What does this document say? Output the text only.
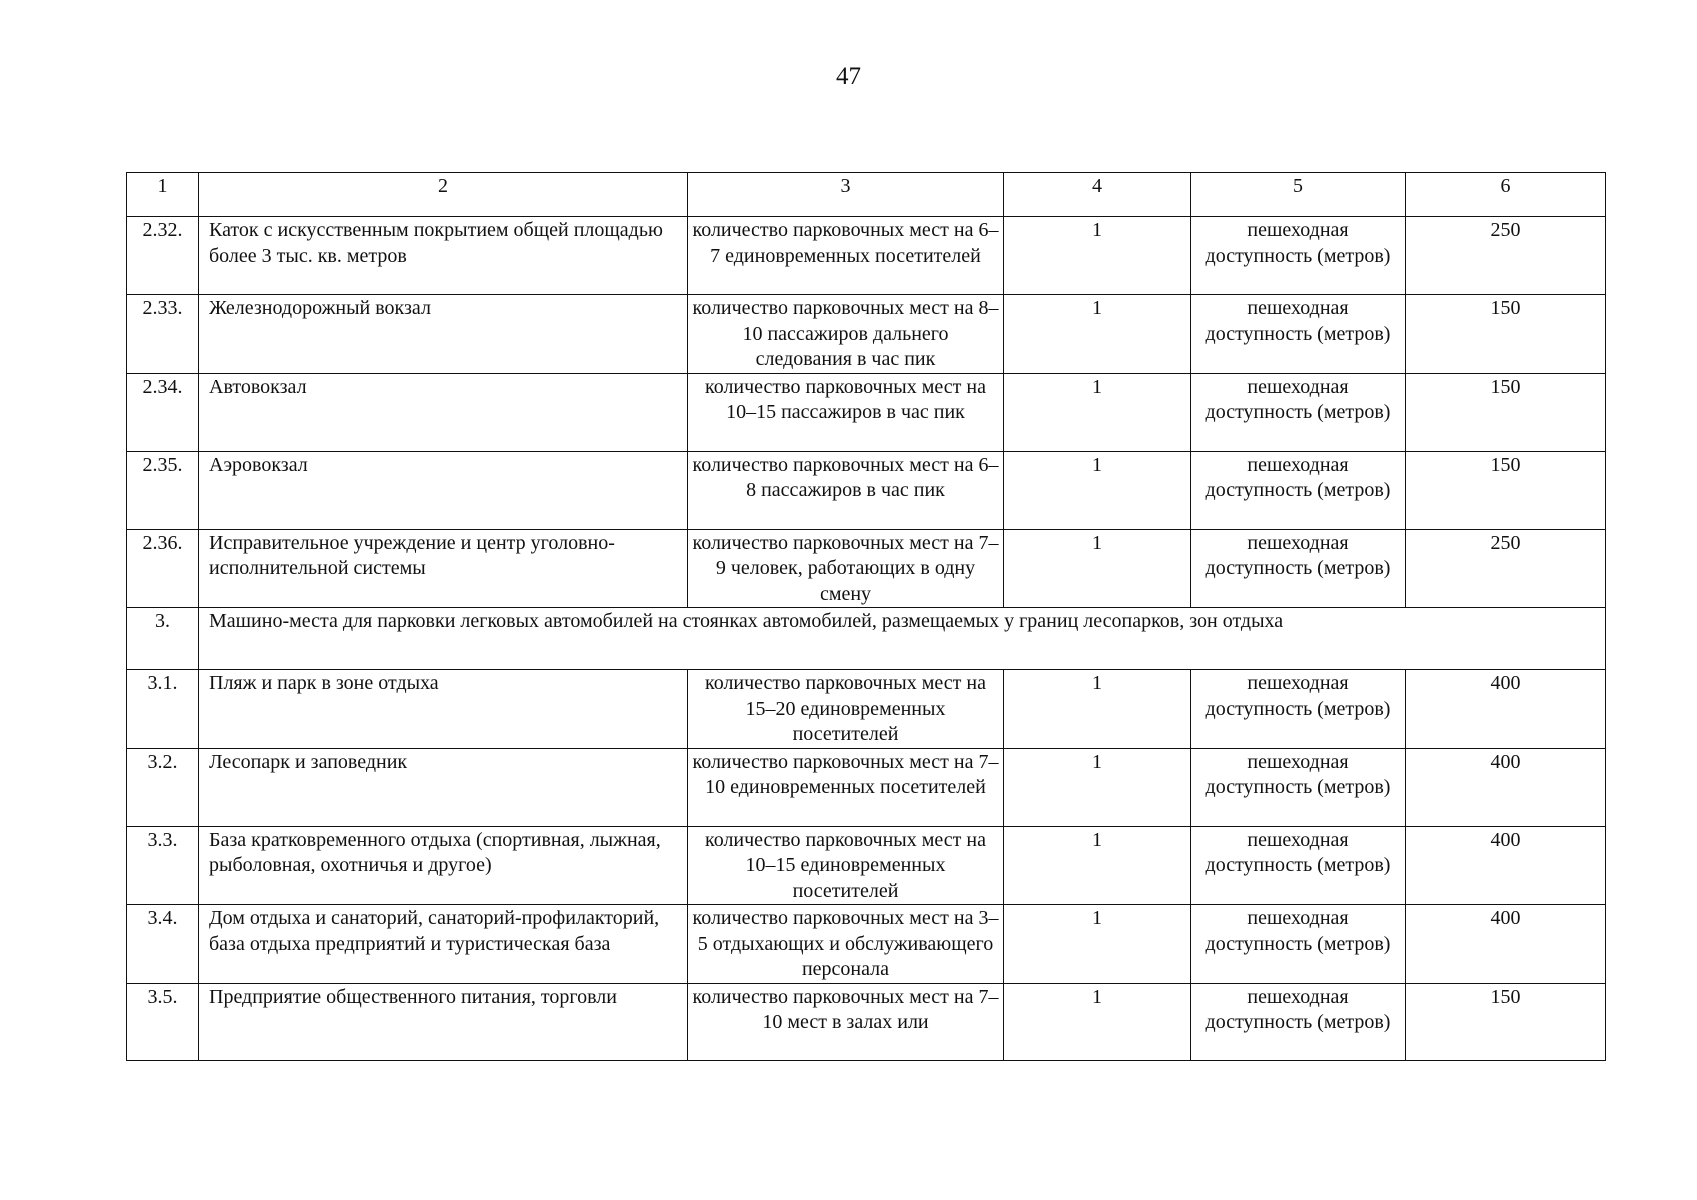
47
1	2	3	4	5	6
2.32.	Каток с искусственным покрытием общей площадью более 3 тыс. кв. метров	количество парковочных мест на 6–7 единовременных посетителей	1	пешеходная доступность (метров)	250
2.33.	Железнодорожный вокзал	количество парковочных мест на 8–10 пассажиров дальнего следования в час пик	1	пешеходная доступность (метров)	150
2.34.	Автовокзал	количество парковочных мест на 10–15 пассажиров в час пик	1	пешеходная доступность (метров)	150
2.35.	Аэровокзал	количество парковочных мест на 6–8 пассажиров в час пик	1	пешеходная доступность (метров)	150
2.36.	Исправительное учреждение и центр уголовно-исполнительной системы	количество парковочных мест на 7–9 человек, работающих в одну смену	1	пешеходная доступность (метров)	250
3.	Машино-места для парковки легковых автомобилей на стоянках автомобилей, размещаемых у границ лесопарков, зон отдыха				
3.1.	Пляж и парк в зоне отдыха	количество парковочных мест на 15–20 единовременных посетителей	1	пешеходная доступность (метров)	400
3.2.	Лесопарк и заповедник	количество парковочных мест на 7–10 единовременных посетителей	1	пешеходная доступность (метров)	400
3.3.	База кратковременного отдыха (спортивная, лыжная, рыболовная, охотничья и другое)	количество парковочных мест на 10–15 единовременных посетителей	1	пешеходная доступность (метров)	400
3.4.	Дом отдыха и санаторий, санаторий-профилакторий, база отдыха предприятий и туристическая база	количество парковочных мест на 3–5 отдыхающих и обслуживающего персонала	1	пешеходная доступность (метров)	400
3.5.	Предприятие общественного питания, торговли	количество парковочных мест на 7–10 мест в залах или	1	пешеходная доступность (метров)	150
